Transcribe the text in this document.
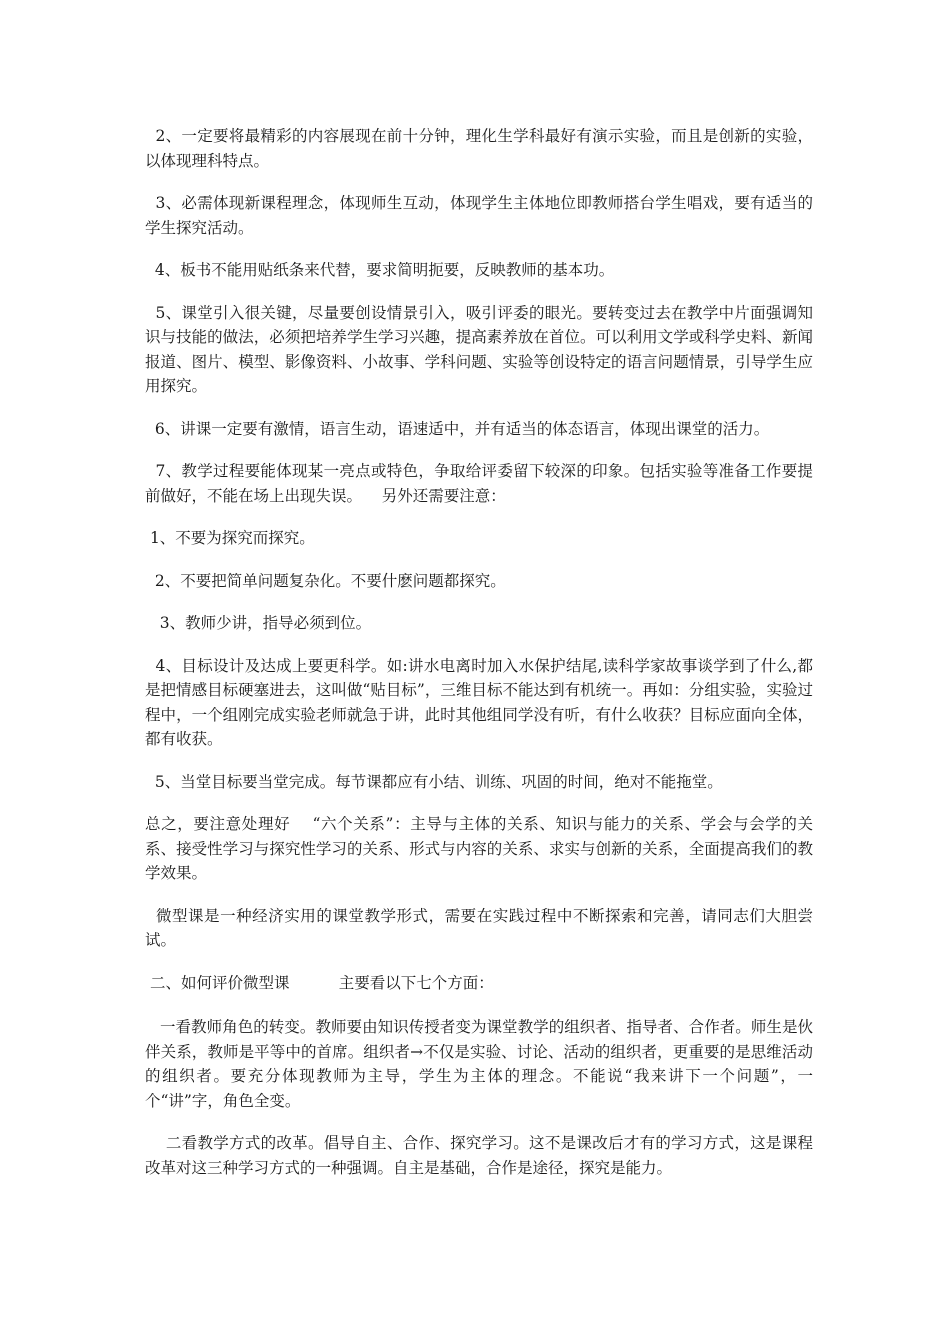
2、一定要将最精彩的内容展现在前十分钟，理化生学科最好有演示实验，而且是创新的实验，以体现理科特点。

3、必需体现新课程理念，体现师生互动，体现学生主体地位即教师搭台学生唱戏，要有适当的学生探究活动。

4、板书不能用贴纸条来代替，要求简明扼要，反映教师的基本功。

5、课堂引入很关键，尽量要创设情景引入，吸引评委的眼光。要转变过去在教学中片面强调知识与技能的做法，必须把培养学生学习兴趣，提高素养放在首位。可以利用文学或科学史料、新闻报道、图片、模型、影像资料、小故事、学科问题、实验等创设特定的语言问题情景，引导学生应用探究。

6、讲课一定要有激情，语言生动，语速适中，并有适当的体态语言，体现出课堂的活力。

7、教学过程要能体现某一亮点或特色，争取给评委留下较深的印象。包括实验等准备工作要提前做好，不能在场上出现失误。    另外还需要注意：

1、不要为探究而探究。

2、不要把简单问题复杂化。不要什麽问题都探究。

3、教师少讲，指导必须到位。

4、目标设计及达成上要更科学。如:讲水电离时加入水保护结尾,读科学家故事谈学到了什么,都是把情感目标硬塞进去，这叫做“贴目标”，三维目标不能达到有机统一。再如：分组实验，实验过程中，一个组刚完成实验老师就急于讲，此时其他组同学没有听，有什么收获？目标应面向全体，  都有收获。

5、当堂目标要当堂完成。每节课都应有小结、训练、巩固的时间，绝对不能拖堂。

总之，要注意处理好    “六个关系”：主导与主体的关系、知识与能力的关系、学会与会学的关系、接受性学习与探究性学习的关系、形式与内容的关系、求实与创新的关系，全面提高我们的教学效果。

微型课是一种经济实用的课堂教学形式，需要在实践过程中不断探索和完善，请同志们大胆尝试。

二、如何评价微型课          主要看以下七个方面：

一看教师角色的转变。教师要由知识传授者变为课堂教学的组织者、指导者、合作者。师生是伙伴关系，教师是平等中的首席。组织者→不仅是实验、讨论、活动的组织者，更重要的是思维活动的组织者。要充分体现教师为主导，学生为主体的理念。不能说“我来讲下一个问题”，一个“讲”字，角色全变。

二看教学方式的改革。倡导自主、合作、探究学习。这不是课改后才有的学习方式，这是课程改革对这三种学习方式的一种强调。自主是基础，合作是途径，探究是能力。
